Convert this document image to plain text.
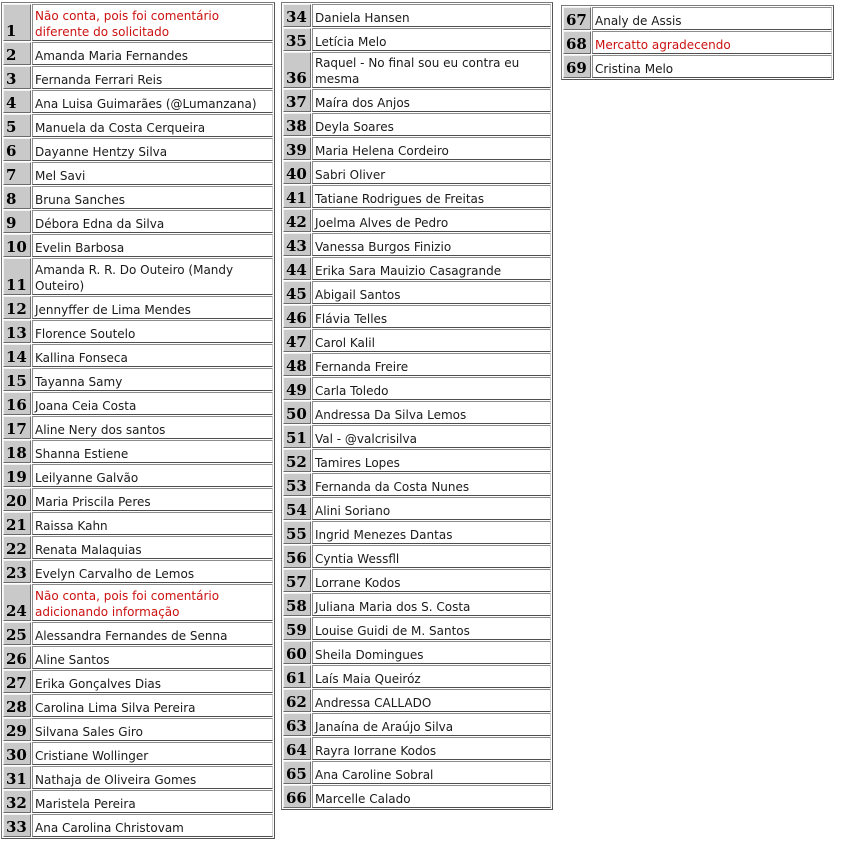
1	Não conta, pois foi comentário diferente do solicitado
2	Amanda Maria Fernandes
3	Fernanda Ferrari Reis
4	Ana Luisa Guimarães (@Lumanzana)
5	Manuela da Costa Cerqueira
6	Dayanne Hentzy Silva
7	Mel Savi
8	Bruna Sanches
9	Débora Edna da Silva
10	Evelin Barbosa
11	Amanda R. R. Do Outeiro (Mandy Outeiro)
12	Jennyffer de Lima Mendes
13	Florence Soutelo
14	Kallina Fonseca
15	Tayanna Samy
16	Joana Ceia Costa
17	Aline Nery dos santos
18	Shanna Estiene
19	Leilyanne Galvão
20	Maria Priscila Peres
21	Raissa Kahn
22	Renata Malaquias
23	Evelyn Carvalho de Lemos
24	Não conta, pois foi comentário adicionando informação
25	Alessandra Fernandes de Senna
26	Aline Santos
27	Erika Gonçalves Dias
28	Carolina Lima Silva Pereira
29	Silvana Sales Giro
30	Cristiane Wollinger
31	Nathaja de Oliveira Gomes
32	Maristela Pereira
33	Ana Carolina Christovam
34	Daniela Hansen
35	Letícia Melo
36	Raquel - No final sou eu contra eu mesma
37	Maíra dos Anjos
38	Deyla Soares
39	Maria Helena Cordeiro
40	Sabri Oliver
41	Tatiane Rodrigues de Freitas
42	Joelma Alves de Pedro
43	Vanessa Burgos Finizio
44	Erika Sara Mauizio Casagrande
45	Abigail Santos
46	Flávia Telles
47	Carol Kalil
48	Fernanda Freire
49	Carla Toledo
50	Andressa Da Silva Lemos
51	Val - @valcrisilva
52	Tamires Lopes
53	Fernanda da Costa Nunes
54	Alini Soriano
55	Ingrid Menezes Dantas
56	Cyntia Wessfll
57	Lorrane Kodos
58	Juliana Maria dos S. Costa
59	Louise Guidi de M. Santos
60	Sheila Domingues
61	Laís Maia Queiróz
62	Andressa CALLADO
63	Janaína de Araújo Silva
64	Rayra Iorrane Kodos
65	Ana Caroline Sobral
66	Marcelle Calado
67	Analy de Assis
68	Mercatto agradecendo
69	Cristina Melo
